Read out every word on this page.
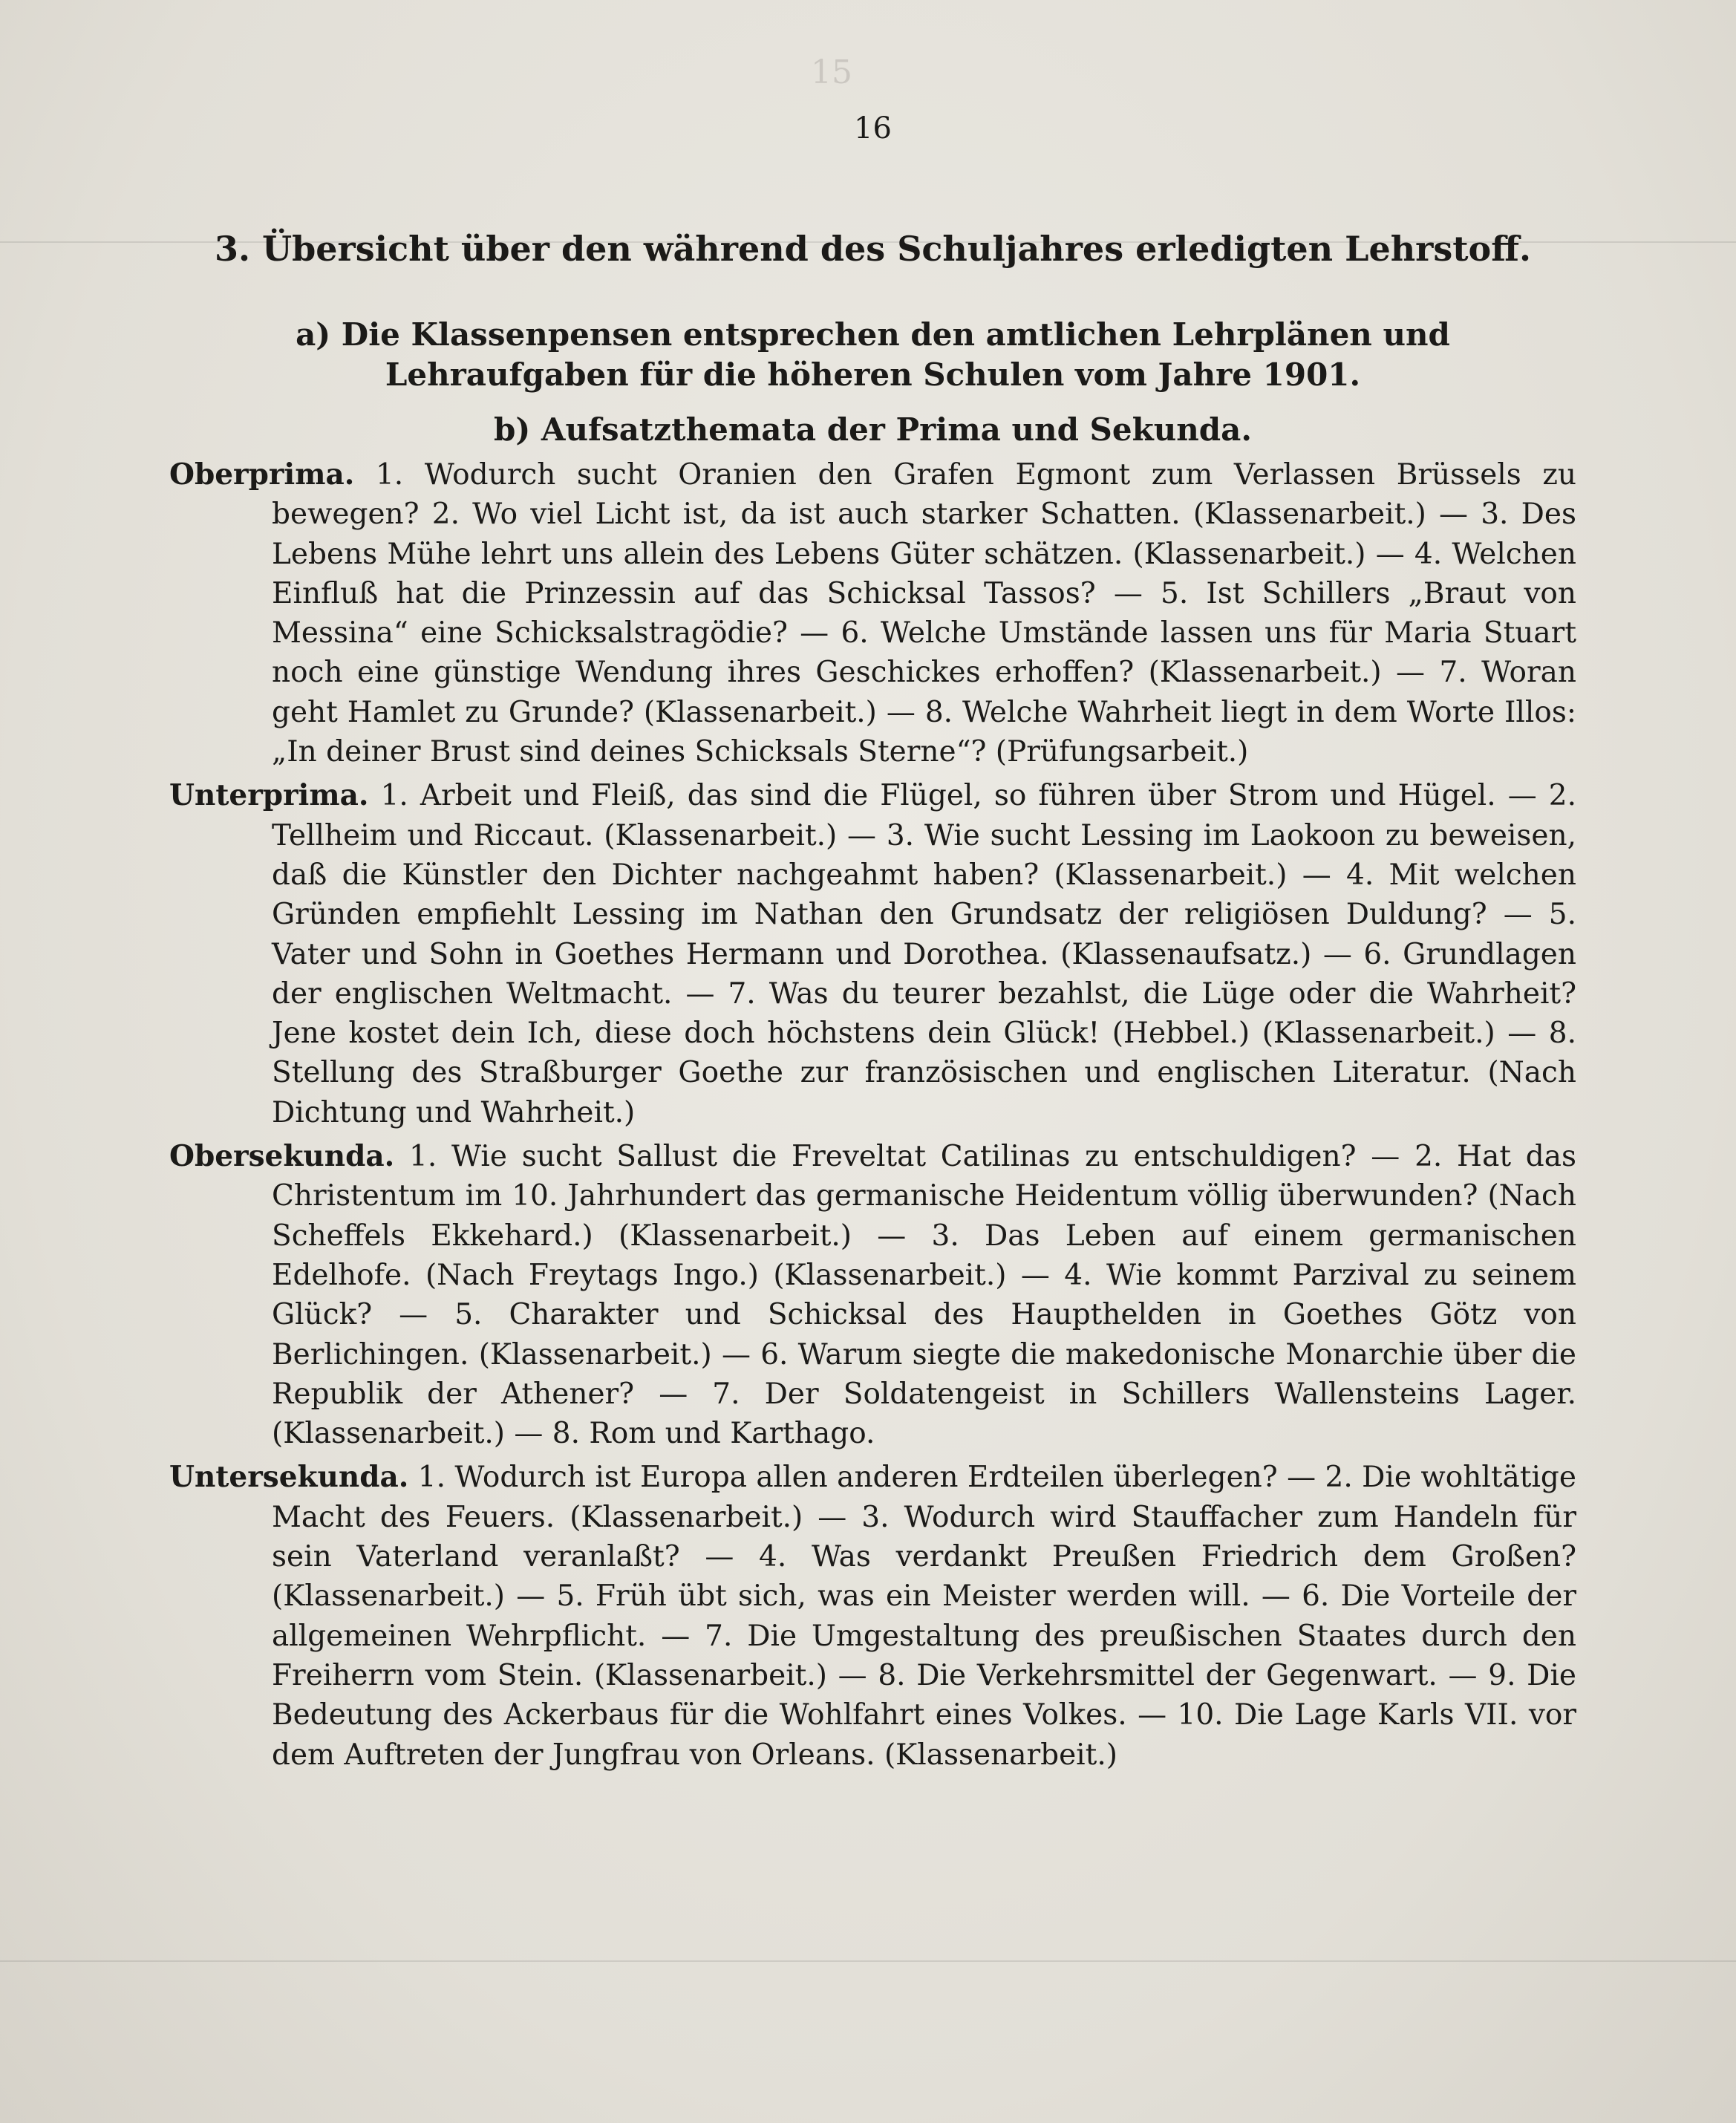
15
16
3. Übersicht über den während des Schuljahres erledigten Lehrstoff.

a) Die Klassenpensen entsprechen den amtlichen Lehrplänen und Lehraufgaben für die höheren Schulen vom Jahre 1901.

b) Aufsatzthemata der Prima und Sekunda.

Oberprima. 1. Wodurch sucht Oranien den Grafen Egmont zum Verlassen Brüssels zu bewegen? 2. Wo viel Licht ist, da ist auch starker Schatten. (Klassenarbeit.) — 3. Des Lebens Mühe lehrt uns allein des Lebens Güter schätzen. (Klassenarbeit.) — 4. Welchen Einfluß hat die Prinzessin auf das Schicksal Tassos? — 5. Ist Schillers „Braut von Messina“ eine Schicksalstragödie? — 6. Welche Umstände lassen uns für Maria Stuart noch eine günstige Wendung ihres Geschickes erhoffen? (Klassenarbeit.) — 7. Woran geht Hamlet zu Grunde? (Klassenarbeit.) — 8. Welche Wahrheit liegt in dem Worte Illos: „In deiner Brust sind deines Schicksals Sterne“? (Prüfungsarbeit.)

Unterprima. 1. Arbeit und Fleiß, das sind die Flügel, so führen über Strom und Hügel. — 2. Tellheim und Riccaut. (Klassenarbeit.) — 3. Wie sucht Lessing im Laokoon zu beweisen, daß die Künstler den Dichter nachgeahmt haben? (Klassenarbeit.) — 4. Mit welchen Gründen empfiehlt Lessing im Nathan den Grundsatz der religiösen Duldung? — 5. Vater und Sohn in Goethes Hermann und Dorothea. (Klassenaufsatz.) — 6. Grundlagen der englischen Weltmacht. — 7. Was du teurer bezahlst, die Lüge oder die Wahrheit? Jene kostet dein Ich, diese doch höchstens dein Glück! (Hebbel.) (Klassenarbeit.) — 8. Stellung des Straßburger Goethe zur französischen und englischen Literatur. (Nach Dichtung und Wahrheit.)

Obersekunda. 1. Wie sucht Sallust die Freveltat Catilinas zu entschuldigen? — 2. Hat das Christentum im 10. Jahrhundert das germanische Heidentum völlig überwunden? (Nach Scheffels Ekkehard.) (Klassenarbeit.) — 3. Das Leben auf einem germanischen Edelhofe. (Nach Freytags Ingo.) (Klassenarbeit.) — 4. Wie kommt Parzival zu seinem Glück? — 5. Charakter und Schicksal des Haupthelden in Goethes Götz von Berlichingen. (Klassenarbeit.) — 6. Warum siegte die makedonische Monarchie über die Republik der Athener? — 7. Der Soldatengeist in Schillers Wallensteins Lager. (Klassenarbeit.) — 8. Rom und Karthago.

Untersekunda. 1. Wodurch ist Europa allen anderen Erdteilen überlegen? — 2. Die wohltätige Macht des Feuers. (Klassenarbeit.) — 3. Wodurch wird Stauffacher zum Handeln für sein Vaterland veranlaßt? — 4. Was verdankt Preußen Friedrich dem Großen? (Klassenarbeit.) — 5. Früh übt sich, was ein Meister werden will. — 6. Die Vorteile der allgemeinen Wehrpflicht. — 7. Die Umgestaltung des preußischen Staates durch den Freiherrn vom Stein. (Klassenarbeit.) — 8. Die Verkehrsmittel der Gegenwart. — 9. Die Bedeutung des Ackerbaus für die Wohlfahrt eines Volkes. — 10. Die Lage Karls VII. vor dem Auftreten der Jungfrau von Orleans. (Klassenarbeit.)
